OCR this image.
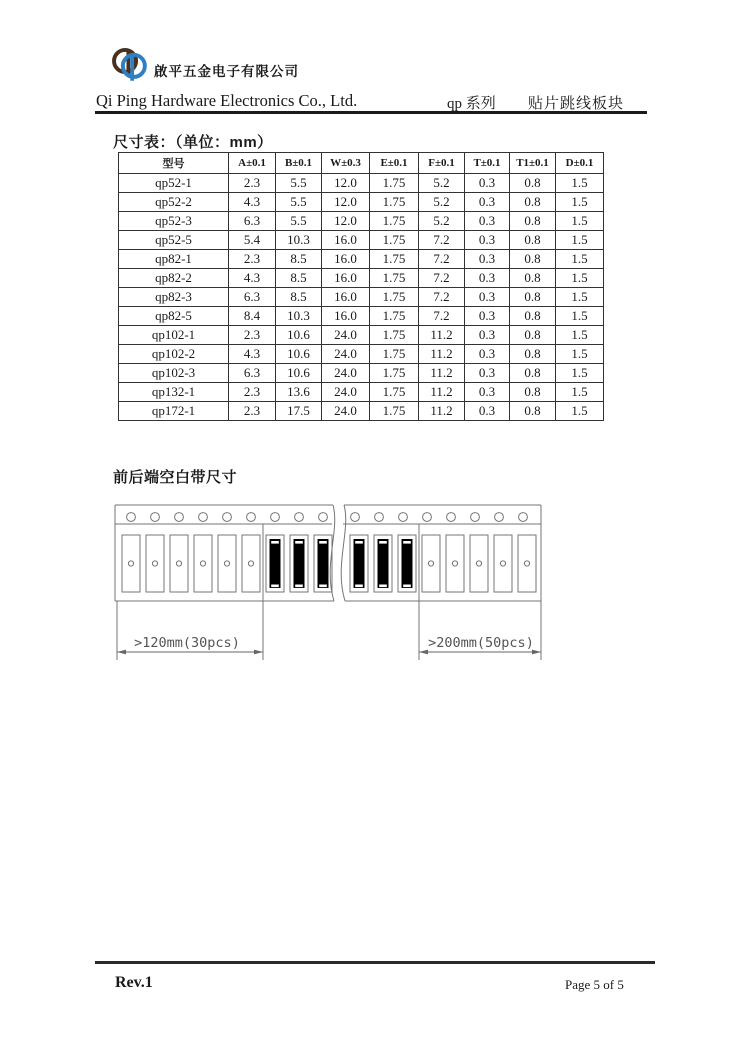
啟平五金电子有限公司
Qi Ping Hardware Electronics Co., Ltd.	qp 系列 贴片跳线板块
尺寸表：（单位：mm）
型号	A±0.1	B±0.1	W±0.3	E±0.1	F±0.1	T±0.1	T1±0.1	D±0.1
qp52-1	2.3	5.5	12.0	1.75	5.2	0.3	0.8	1.5
qp52-2	4.3	5.5	12.0	1.75	5.2	0.3	0.8	1.5
qp52-3	6.3	5.5	12.0	1.75	5.2	0.3	0.8	1.5
qp52-5	5.4	10.3	16.0	1.75	7.2	0.3	0.8	1.5
qp82-1	2.3	8.5	16.0	1.75	7.2	0.3	0.8	1.5
qp82-2	4.3	8.5	16.0	1.75	7.2	0.3	0.8	1.5
qp82-3	6.3	8.5	16.0	1.75	7.2	0.3	0.8	1.5
qp82-5	8.4	10.3	16.0	1.75	7.2	0.3	0.8	1.5
qp102-1	2.3	10.6	24.0	1.75	11.2	0.3	0.8	1.5
qp102-2	4.3	10.6	24.0	1.75	11.2	0.3	0.8	1.5
qp102-3	6.3	10.6	24.0	1.75	11.2	0.3	0.8	1.5
qp132-1	2.3	13.6	24.0	1.75	11.2	0.3	0.8	1.5
qp172-1	2.3	17.5	24.0	1.75	11.2	0.3	0.8	1.5
前后端空白带尺寸
>120mm(30pcs)	>200mm(50pcs)
Rev.1	Page 5 of 5
